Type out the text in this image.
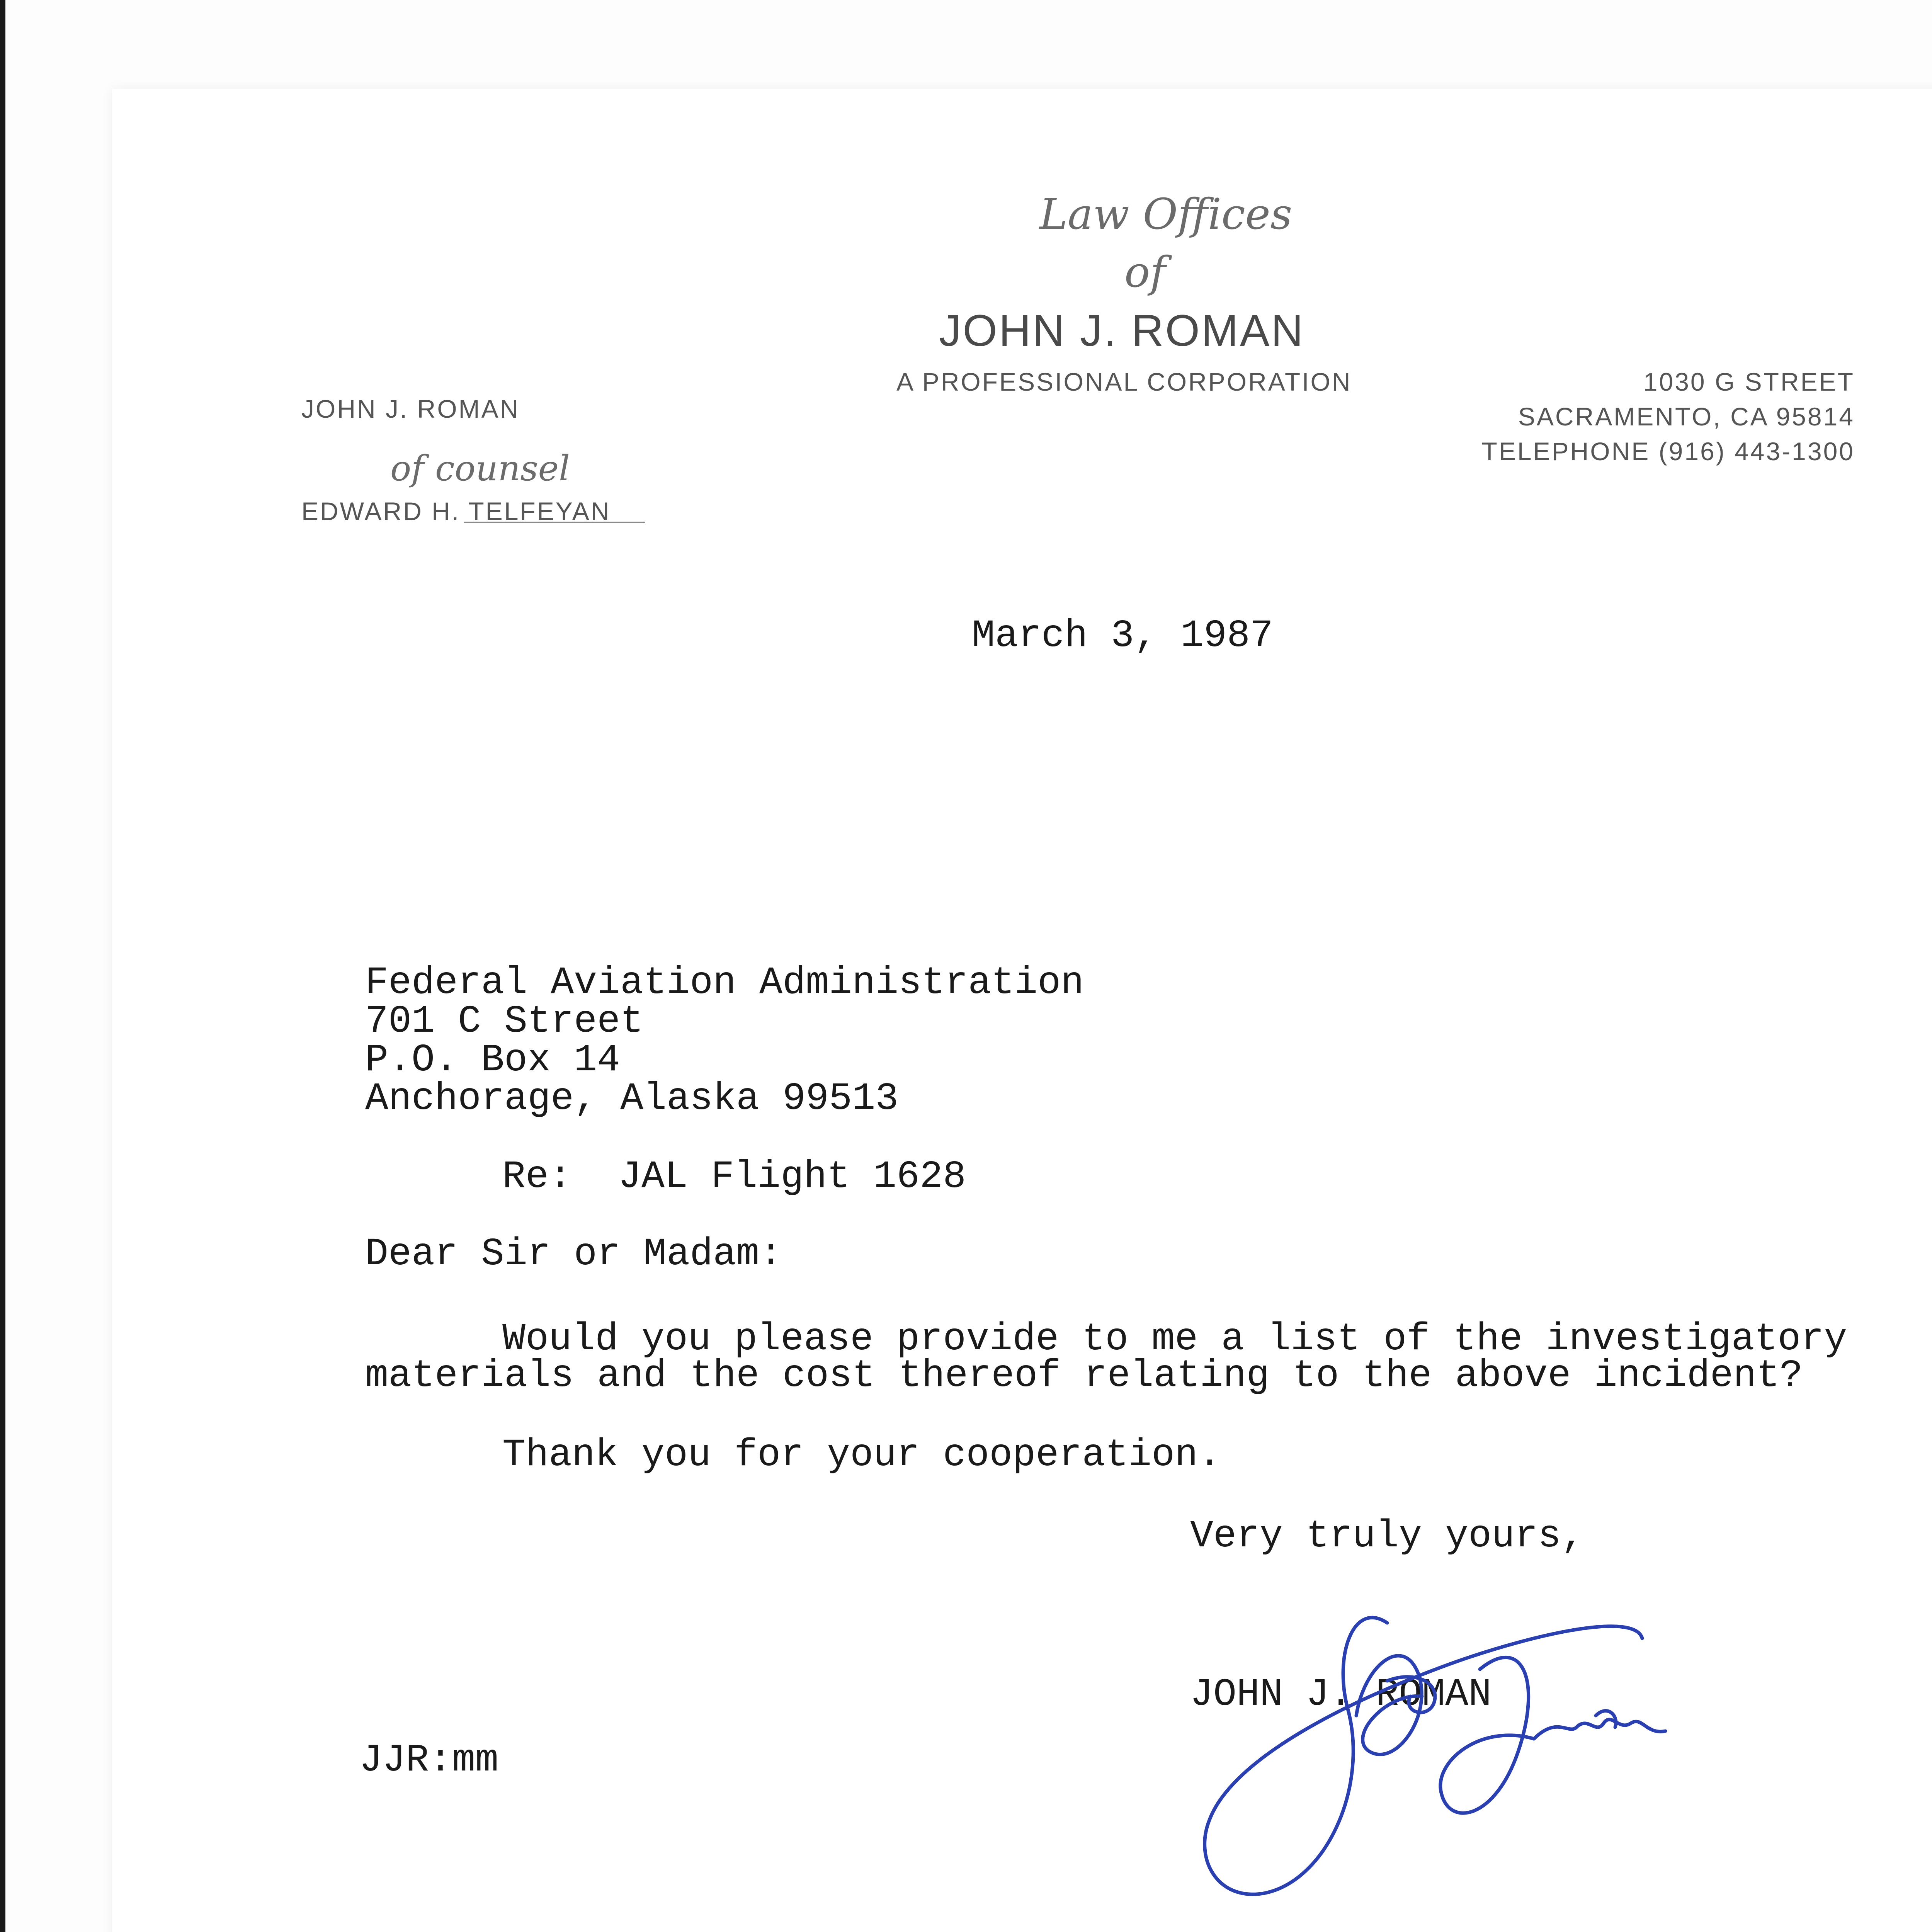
Law Offices
of
JOHN J. ROMAN
A PROFESSIONAL CORPORATION
JOHN J. ROMAN
of counsel
EDWARD H. TELFEYAN
1030 G STREET
SACRAMENTO, CA 95814
TELEPHONE (916) 443-1300
March 3, 1987
Federal Aviation Administration
701 C Street
P.O. Box 14
Anchorage, Alaska 99513
Re:  JAL Flight 1628
Dear Sir or Madam:
Would you please provide to me a list of the investigatory
materials and the cost thereof relating to the above incident?
Thank you for your cooperation.
Very truly yours,
JOHN J. ROMAN
JJR:mm
